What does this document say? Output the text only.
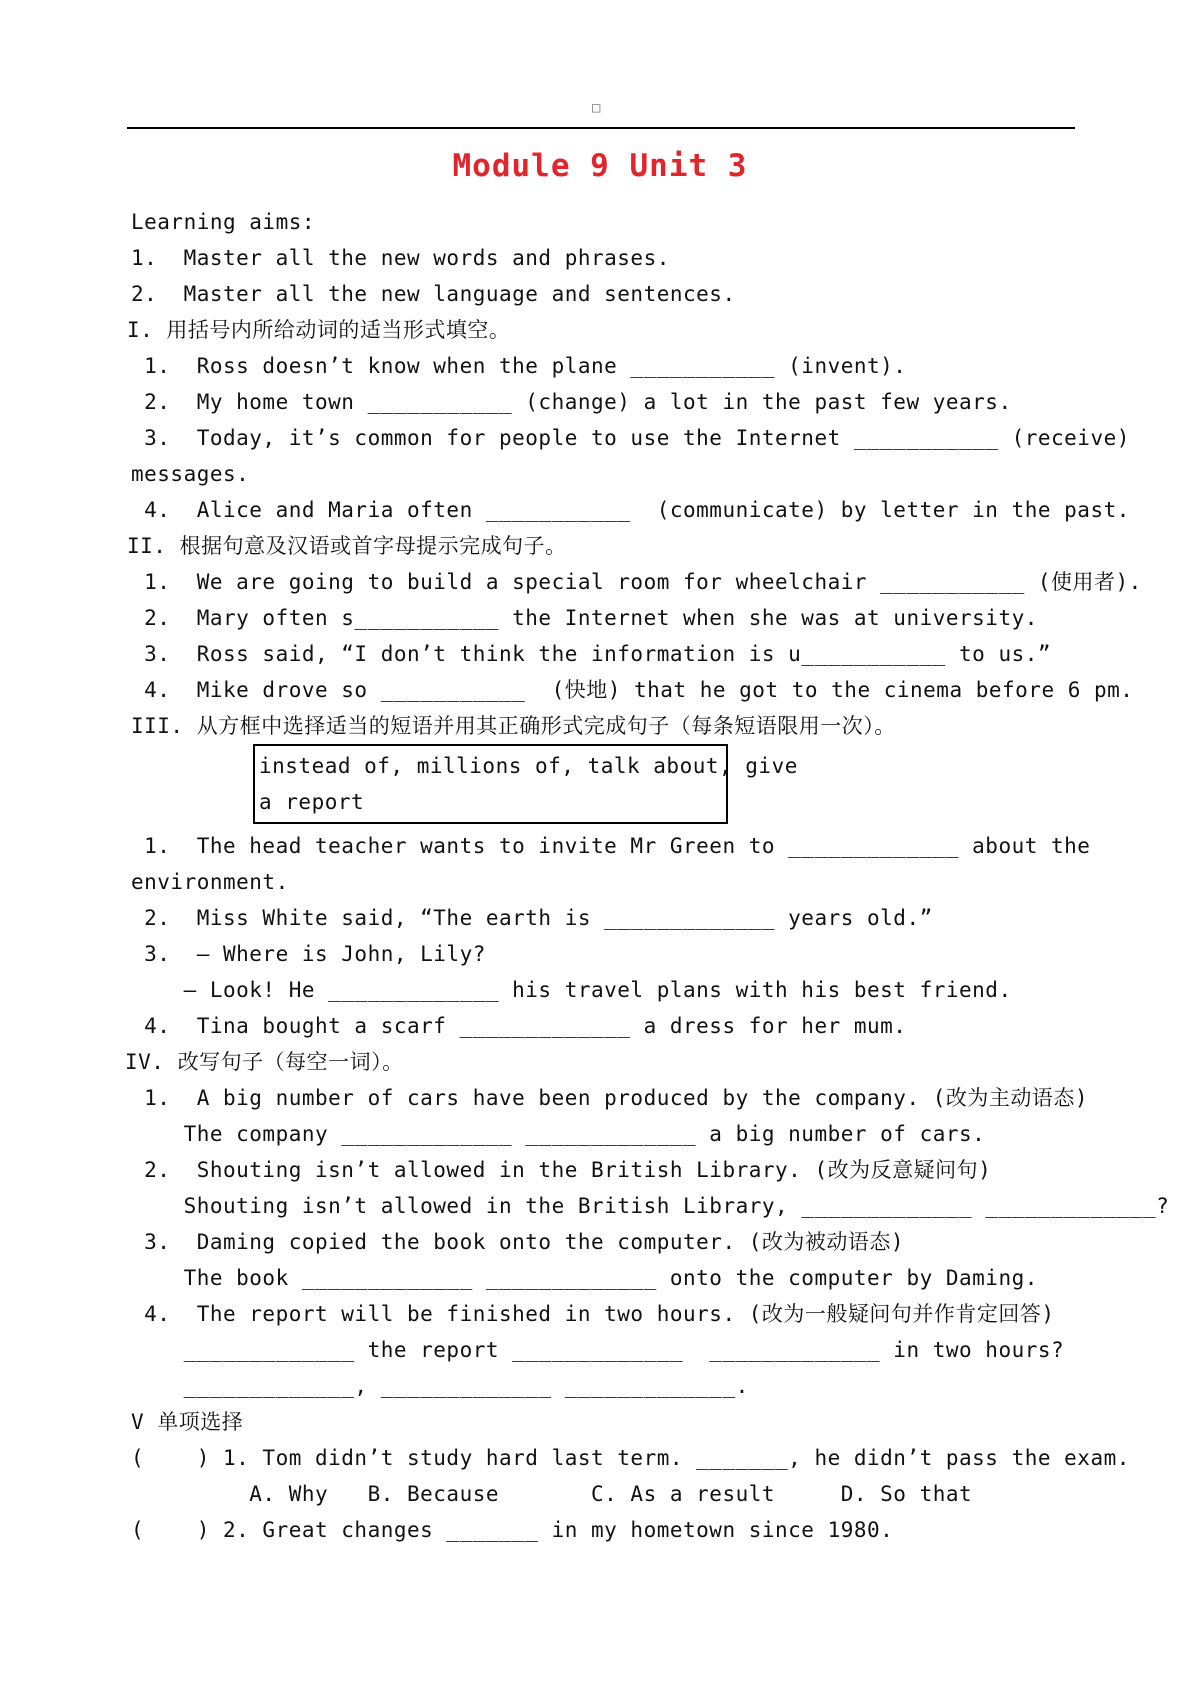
□
Module 9 Unit 3
Learning aims:
1.  Master all the new words and phrases.
2.  Master all the new language and sentences.
I. 用括号内所给动词的适当形式填空。
1.  Ross doesn’t know when the plane ___________ (invent).
2.  My home town ___________ (change) a lot in the past few years.
3.  Today, it’s common for people to use the Internet ___________ (receive)
messages.
4.  Alice and Maria often ___________  (communicate) by letter in the past.
II. 根据句意及汉语或首字母提示完成句子。
1.  We are going to build a special room for wheelchair ___________ (使用者).
2.  Mary often s___________ the Internet when she was at university.
3.  Ross said, “I don’t think the information is u___________ to us.”
4.  Mike drove so ___________  (快地) that he got to the cinema before 6 pm.
III. 从方框中选择适当的短语并用其正确形式完成句子（每条短语限用一次）。
instead of, millions of, talk about, give
a report
1.  The head teacher wants to invite Mr Green to _____________ about the
environment.
2.  Miss White said, “The earth is _____________ years old.”
3.  — Where is John, Lily?
— Look! He _____________ his travel plans with his best friend.
4.  Tina bought a scarf _____________ a dress for her mum.
IV. 改写句子（每空一词）。
1.  A big number of cars have been produced by the company. (改为主动语态)
The company _____________ _____________ a big number of cars.
2.  Shouting isn’t allowed in the British Library. (改为反意疑问句)
Shouting isn’t allowed in the British Library, _____________ _____________?
3.  Daming copied the book onto the computer. (改为被动语态)
The book _____________ _____________ onto the computer by Daming.
4.  The report will be finished in two hours. (改为一般疑问句并作肯定回答)
_____________ the report _____________  _____________ in two hours?
_____________, _____________ _____________.
V 单项选择
(    ) 1. Tom didn’t study hard last term. _______, he didn’t pass the exam.
A. Why   B. Because       C. As a result     D. So that
(    ) 2. Great changes _______ in my hometown since 1980.
